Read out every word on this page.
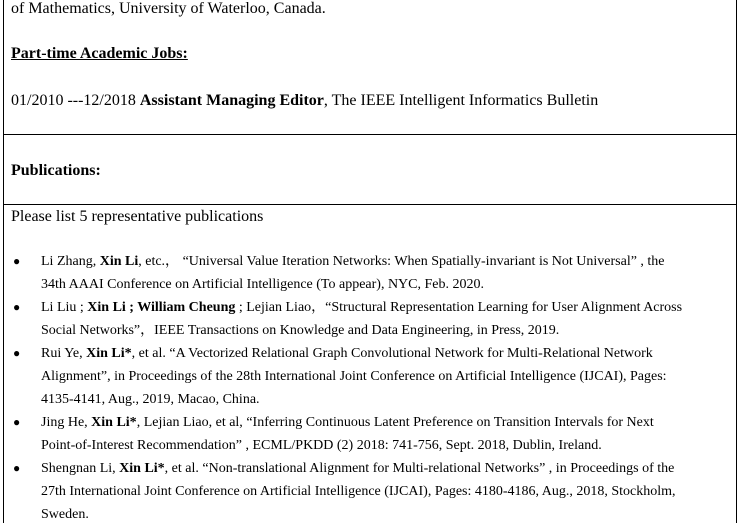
of Mathematics, University of Waterloo, Canada.
Part-time Academic Jobs:
01/2010 ---12/2018 Assistant Managing Editor, The IEEE Intelligent Informatics Bulletin
Publications:
Please list 5 representative publications
● Li Zhang, Xin Li, etc.， “Universal Value Iteration Networks: When Spatially-invariant is Not Universal” , the
34th AAAI Conference on Artificial Intelligence (To appear), NYC, Feb. 2020.
● Li Liu ; Xin Li ; William Cheung ; Lejian Liao，“Structural Representation Learning for User Alignment Across
Social Networks”，IEEE Transactions on Knowledge and Data Engineering, in Press, 2019.
● Rui Ye, Xin Li*, et al. “A Vectorized Relational Graph Convolutional Network for Multi-Relational Network
Alignment”, in Proceedings of the 28th International Joint Conference on Artificial Intelligence (IJCAI), Pages:
4135-4141, Aug., 2019, Macao, China.
● Jing He, Xin Li*, Lejian Liao, et al, “Inferring Continuous Latent Preference on Transition Intervals for Next
Point-of-Interest Recommendation” , ECML/PKDD (2) 2018: 741-756, Sept. 2018, Dublin, Ireland.
● Shengnan Li, Xin Li*, et al. “Non-translational Alignment for Multi-relational Networks” , in Proceedings of the
27th International Joint Conference on Artificial Intelligence (IJCAI), Pages: 4180-4186, Aug., 2018, Stockholm,
Sweden.
